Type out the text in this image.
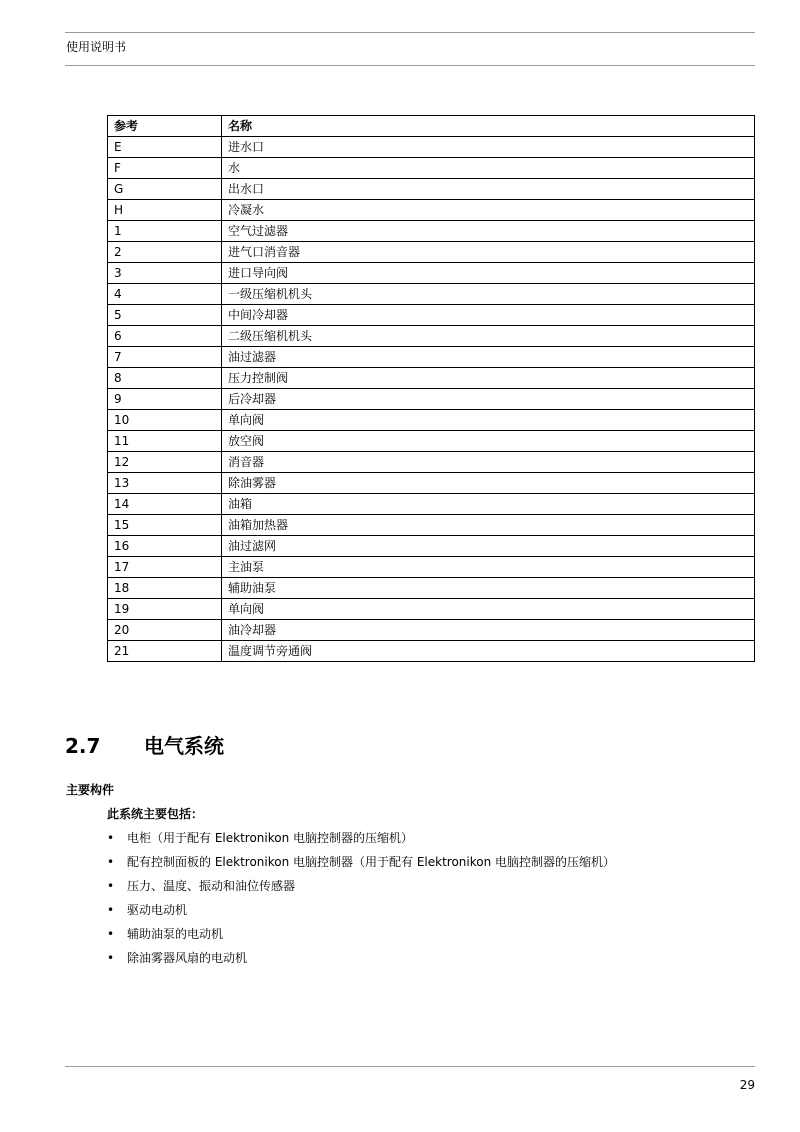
使用说明书
参考	名称
E	进水口
F	水
G	出水口
H	冷凝水
1	空气过滤器
2	进气口消音器
3	进口导向阀
4	一级压缩机机头
5	中间冷却器
6	二级压缩机机头
7	油过滤器
8	压力控制阀
9	后冷却器
10	单向阀
11	放空阀
12	消音器
13	除油雾器
14	油箱
15	油箱加热器
16	油过滤网
17	主油泵
18	辅助油泵
19	单向阀
20	油冷却器
21	温度调节旁通阀
2.7 电气系统
主要构件
此系统主要包括：
• 电柜（用于配有 Elektronikon 电脑控制器的压缩机）
• 配有控制面板的 Elektronikon 电脑控制器（用于配有 Elektronikon 电脑控制器的压缩机）
• 压力、温度、振动和油位传感器
• 驱动电动机
• 辅助油泵的电动机
• 除油雾器风扇的电动机
29
